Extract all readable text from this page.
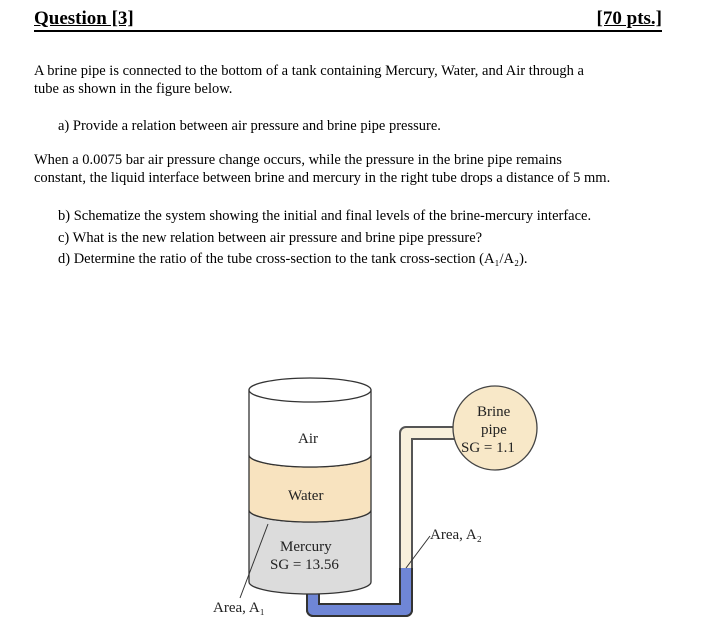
Question [3]	[70 pts.]
A brine pipe is connected to the bottom of a tank containing Mercury, Water, and Air through a
tube as shown in the figure below.
a) Provide a relation between air pressure and brine pipe pressure.
When a 0.0075 bar air pressure change occurs, while the pressure in the brine pipe remains
constant, the liquid interface between brine and mercury in the right tube drops a distance of 5 mm.
b) Schematize the system showing the initial and final levels of the brine-mercury interface.
c) What is the new relation between air pressure and brine pipe pressure?
d) Determine the ratio of the tube cross-section to the tank cross-section (A₁/A₂).
Air
Water
Mercury
SG = 13.56
Brine
pipe
SG = 1.1
Area, A₁
Area, A₂
